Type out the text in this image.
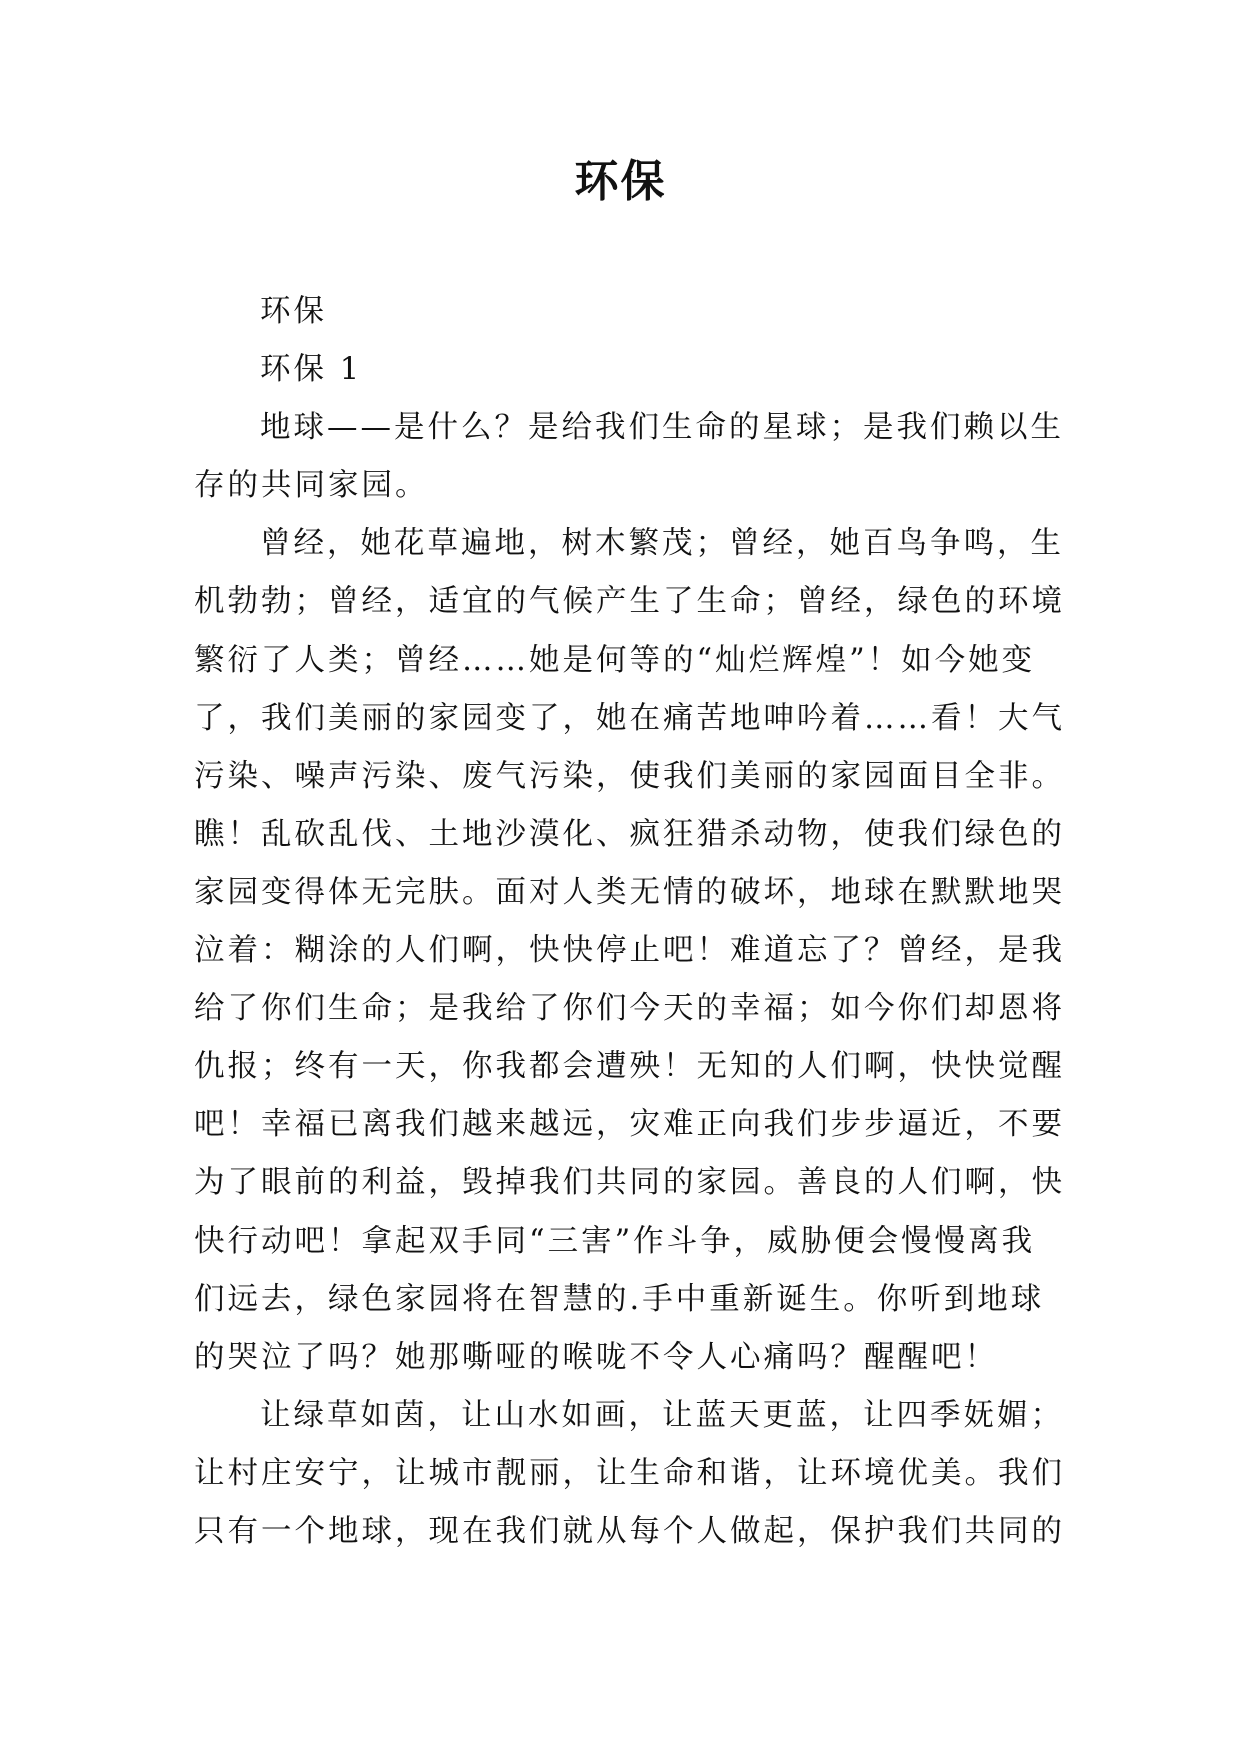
环保
环保
环保 1
地球——是什么？是给我们生命的星球；是我们赖以生
存的共同家园。
曾经，她花草遍地，树木繁茂；曾经，她百鸟争鸣，生
机勃勃；曾经，适宜的气候产生了生命；曾经，绿色的环境
繁衍了人类；曾经……她是何等的“灿烂辉煌”！如今她变
了，我们美丽的家园变了，她在痛苦地呻吟着……看！大气
污染、噪声污染、废气污染，使我们美丽的家园面目全非。
瞧！乱砍乱伐、土地沙漠化、疯狂猎杀动物，使我们绿色的
家园变得体无完肤。面对人类无情的破坏，地球在默默地哭
泣着：糊涂的人们啊，快快停止吧！难道忘了？曾经，是我
给了你们生命；是我给了你们今天的幸福；如今你们却恩将
仇报；终有一天，你我都会遭殃！无知的人们啊，快快觉醒
吧！幸福已离我们越来越远，灾难正向我们步步逼近，不要
为了眼前的利益，毁掉我们共同的家园。善良的人们啊，快
快行动吧！拿起双手同“三害”作斗争，威胁便会慢慢离我
们远去，绿色家园将在智慧的.手中重新诞生。你听到地球
的哭泣了吗？她那嘶哑的喉咙不令人心痛吗？醒醒吧！
让绿草如茵，让山水如画，让蓝天更蓝，让四季妩媚；
让村庄安宁，让城市靓丽，让生命和谐，让环境优美。我们
只有一个地球，现在我们就从每个人做起，保护我们共同的
